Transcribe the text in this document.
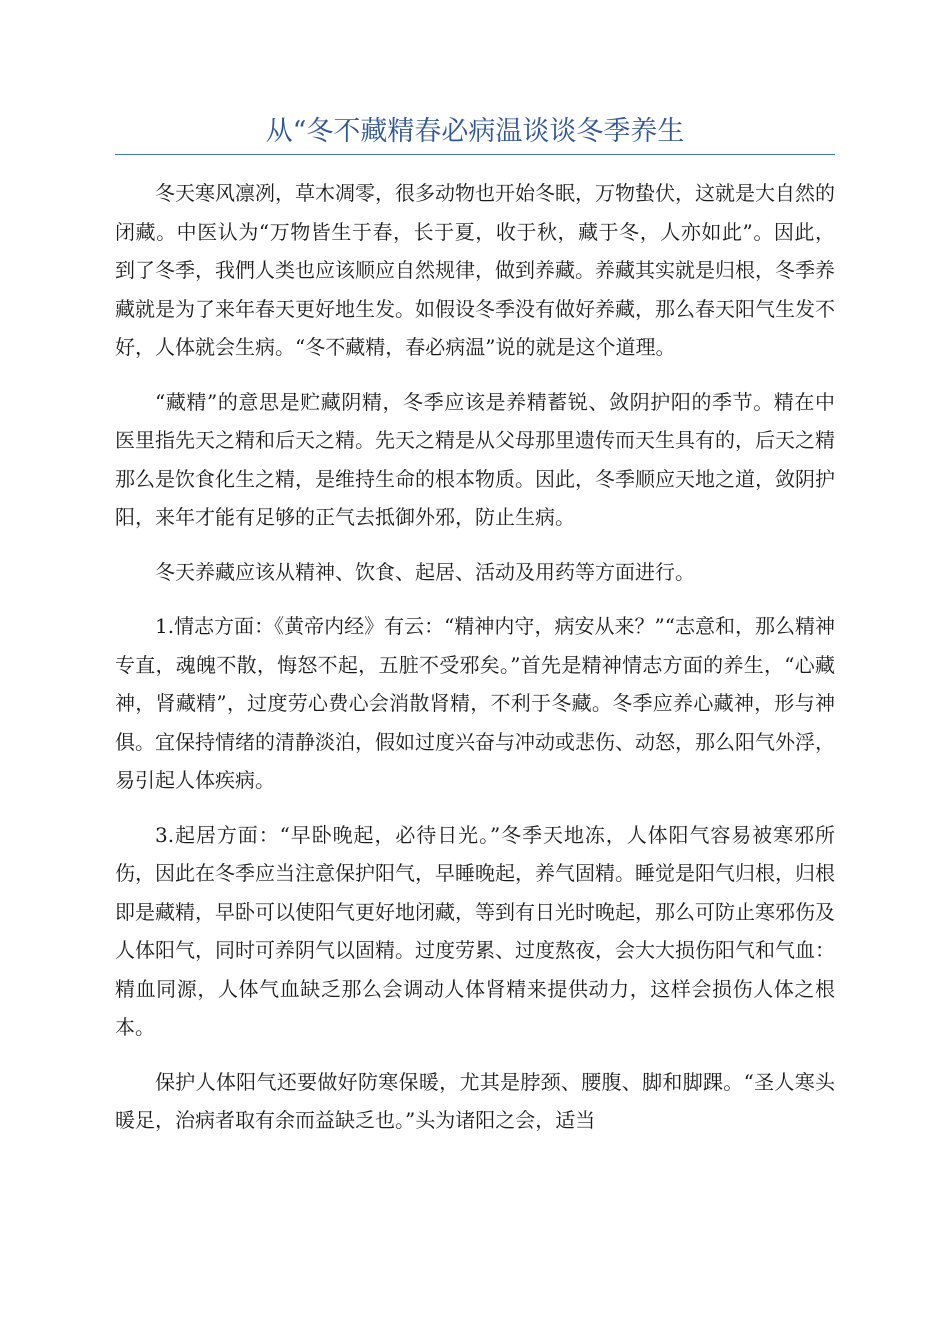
从“冬不藏精春必病温谈谈冬季养生

冬天寒风凛冽，草木凋零，很多动物也开始冬眠，万物蛰伏，这就是大自然的闭藏。中医认为“万物皆生于春，长于夏，收于秋，藏于冬，人亦如此”。因此，到了冬季，我們人类也应该顺应自然规律，做到养藏。养藏其实就是归根，冬季养藏就是为了来年春天更好地生发。如假设冬季没有做好养藏，那么春天阳气生发不好，人体就会生病。“冬不藏精，春必病温”说的就是这个道理。

“藏精”的意思是贮藏阴精，冬季应该是养精蓄锐、敛阴护阳的季节。精在中医里指先天之精和后天之精。先天之精是从父母那里遗传而天生具有的，后天之精那么是饮食化生之精，是维持生命的根本物质。因此，冬季顺应天地之道，敛阴护阳，来年才能有足够的正气去抵御外邪，防止生病。

冬天养藏应该从精神、饮食、起居、活动及用药等方面进行。

1.情志方面：《黄帝内经》有云：“精神内守，病安从来？”“志意和，那么精神专直，魂魄不散，悔怒不起，五脏不受邪矣。”首先是精神情志方面的养生，“心藏神，肾藏精”，过度劳心费心会消散肾精，不利于冬藏。冬季应养心藏神，形与神俱。宜保持情绪的清静淡泊，假如过度兴奋与冲动或悲伤、动怒，那么阳气外浮，易引起人体疾病。

3.起居方面：“早卧晚起，必待日光。”冬季天地冻，人体阳气容易被寒邪所伤，因此在冬季应当注意保护阳气，早睡晚起，养气固精。睡觉是阳气归根，归根即是藏精，早卧可以使阳气更好地闭藏，等到有日光时晚起，那么可防止寒邪伤及人体阳气，同时可养阴气以固精。过度劳累、过度熬夜，会大大损伤阳气和气血：精血同源，人体气血缺乏那么会调动人体肾精来提供动力，这样会损伤人体之根本。

保护人体阳气还要做好防寒保暖，尤其是脖颈、腰腹、脚和脚踝。“圣人寒头暖足，治病者取有余而益缺乏也。”头为诸阳之会，适当
